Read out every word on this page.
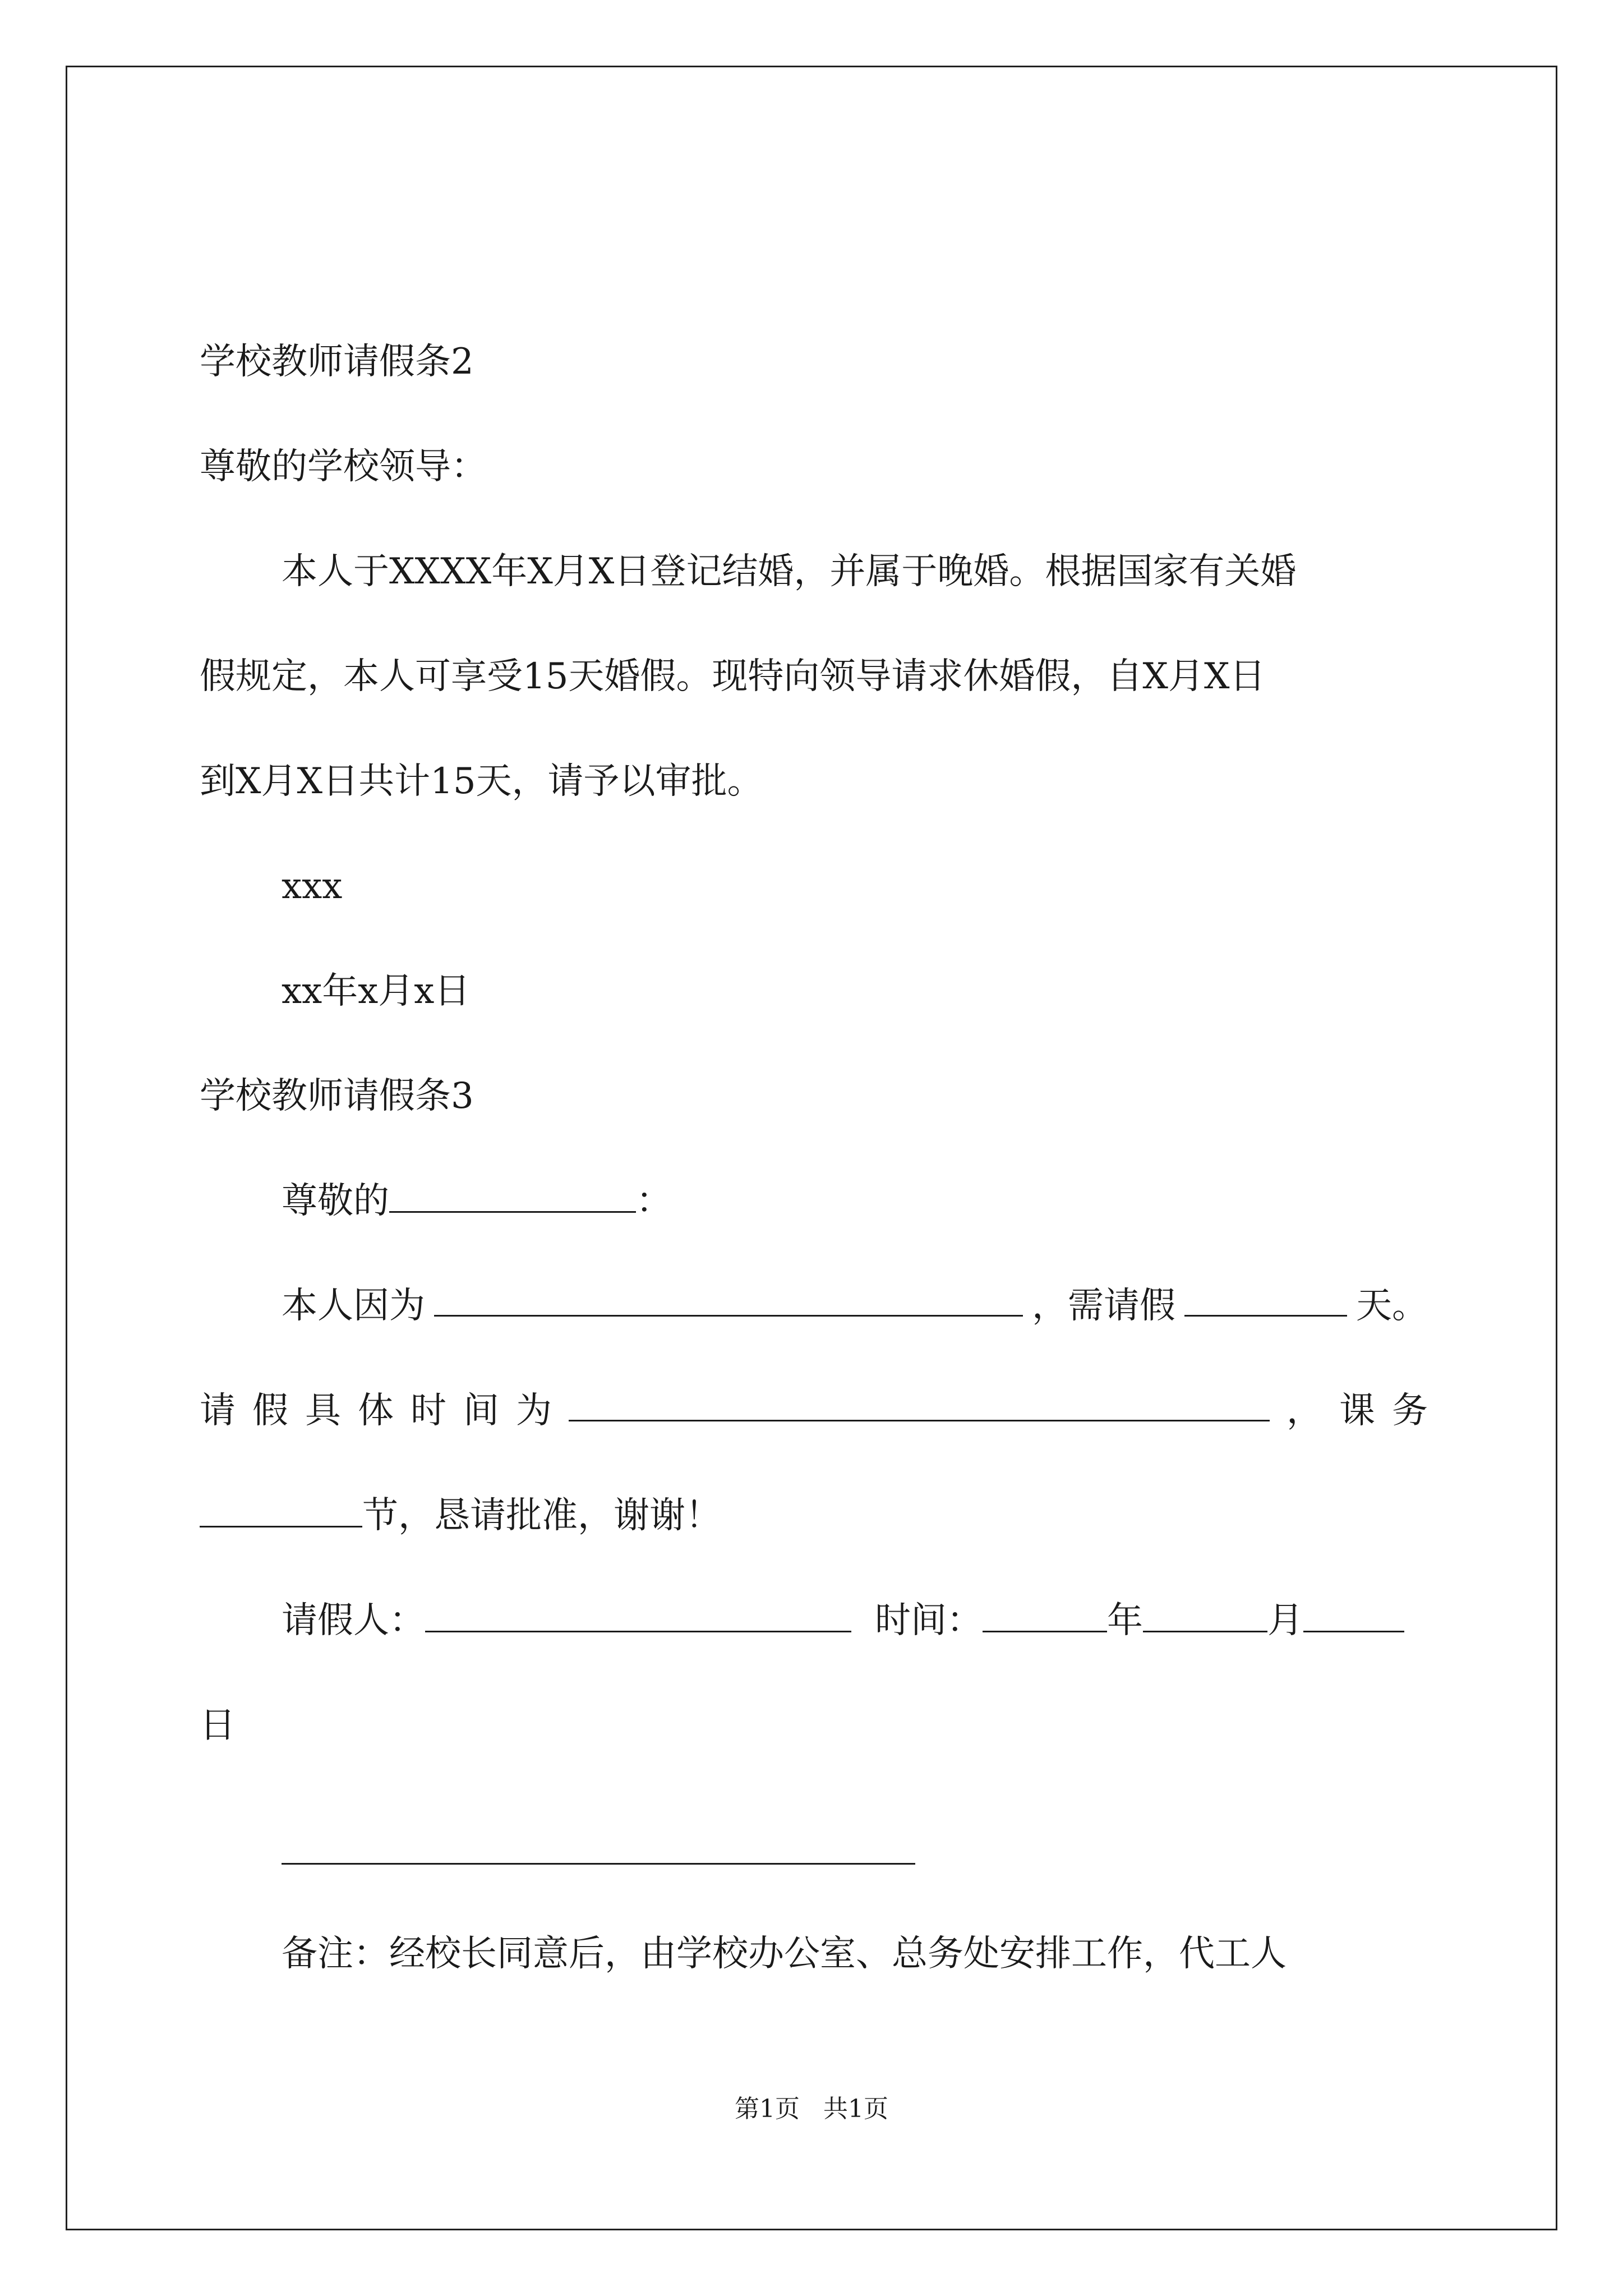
学校教师请假条2
尊敬的学校领导：
本人于XXXX年X月X日登记结婚，并属于晚婚。根据国家有关婚
假规定，本人可享受15天婚假。现特向领导请求休婚假，自X月X日
到X月X日共计15天，请予以审批。
xxx
xx年x月x日
学校教师请假条3
尊敬的	：
本人因为	，需请假	天。
请 假 具 体 时 间 为	， 课 务
节，恳请批准，谢谢！
请假人：	时间：	年	月
日
备注：经校长同意后，由学校办公室、总务处安排工作，代工人
第1页   共1页
